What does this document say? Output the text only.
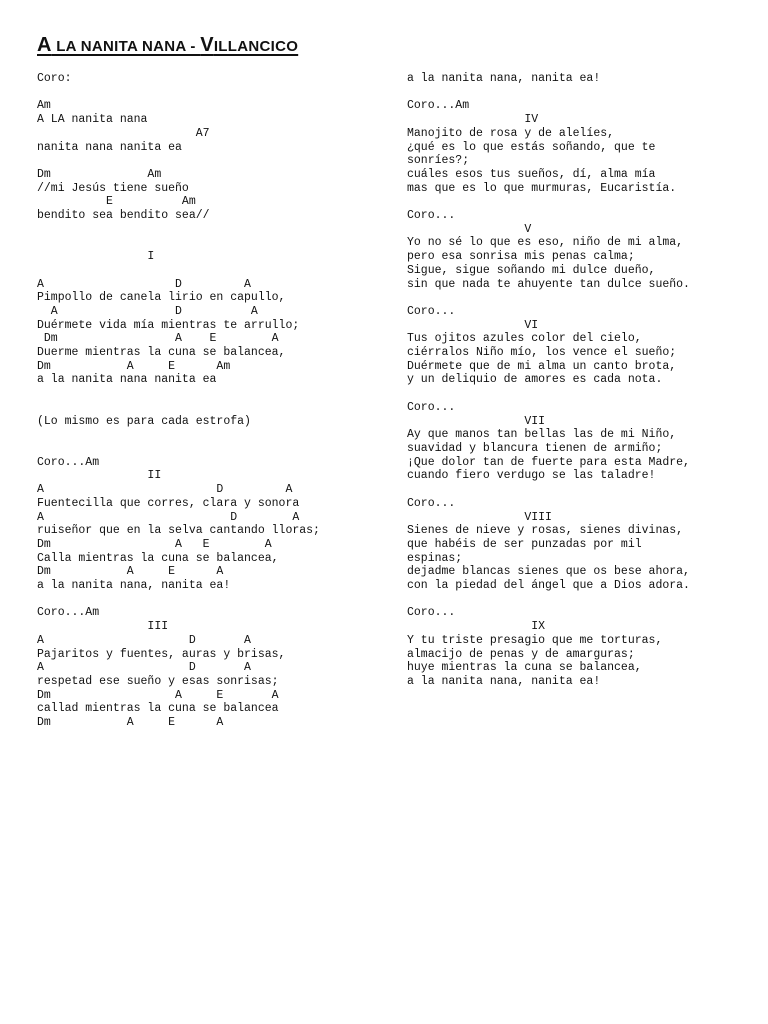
A LA NANITA NANA - VILLANCICO
Coro:

Am
A LA nanita nana
A7
nanita nana nanita ea

Dm              Am
//mi Jesús tiene sueño
E          Am
bendito sea bendito sea//

I

A                   D         A
Pimpollo de canela lirio en capullo,
A                 D          A
Duérmete vida mía mientras te arrullo;
Dm                 A    E        A
Duerme mientras la cuna se balancea,
Dm           A     E      Am
a la nanita nana nanita ea

(Lo mismo es para cada estrofa)

Coro...Am
II
A                         D         A
Fuentecilla que corres, clara y sonora
A                           D        A
ruiseñor que en la selva cantando lloras;
Dm                  A   E        A
Calla mientras la cuna se balancea,
Dm           A     E      A
a la nanita nana, nanita ea!

Coro...Am
III
A                     D       A
Pajaritos y fuentes, auras y brisas,
A                     D       A
respetad ese sueño y esas sonrisas;
Dm                  A     E       A
callad mientras la cuna se balancea
Dm           A     E      A
a la nanita nana, nanita ea!

Coro...Am
IV
Manojito de rosa y de alelíes,
¿qué es lo que estás soñando, que te
sonríes?;
cuáles esos tus sueños, dí, alma mía
mas que es lo que murmuras, Eucaristía.

Coro...
V
Yo no sé lo que es eso, niño de mi alma,
pero esa sonrisa mis penas calma;
Sigue, sigue soñando mi dulce dueño,
sin que nada te ahuyente tan dulce sueño.

Coro...
VI
Tus ojitos azules color del cielo,
ciérralos Niño mío, los vence el sueño;
Duérmete que de mi alma un canto brota,
y un deliquio de amores es cada nota.

Coro...
VII
Ay que manos tan bellas las de mi Niño,
suavidad y blancura tienen de armiño;
¡Que dolor tan de fuerte para esta Madre,
cuando fiero verdugo se las taladre!

Coro...
VIII
Sienes de nieve y rosas, sienes divinas,
que habéis de ser punzadas por mil
espinas;
dejadme blancas sienes que os bese ahora,
con la piedad del ángel que a Dios adora.

Coro...
IX
Y tu triste presagio que me torturas,
almacijo de penas y de amarguras;
huye mientras la cuna se balancea,
a la nanita nana, nanita ea!
